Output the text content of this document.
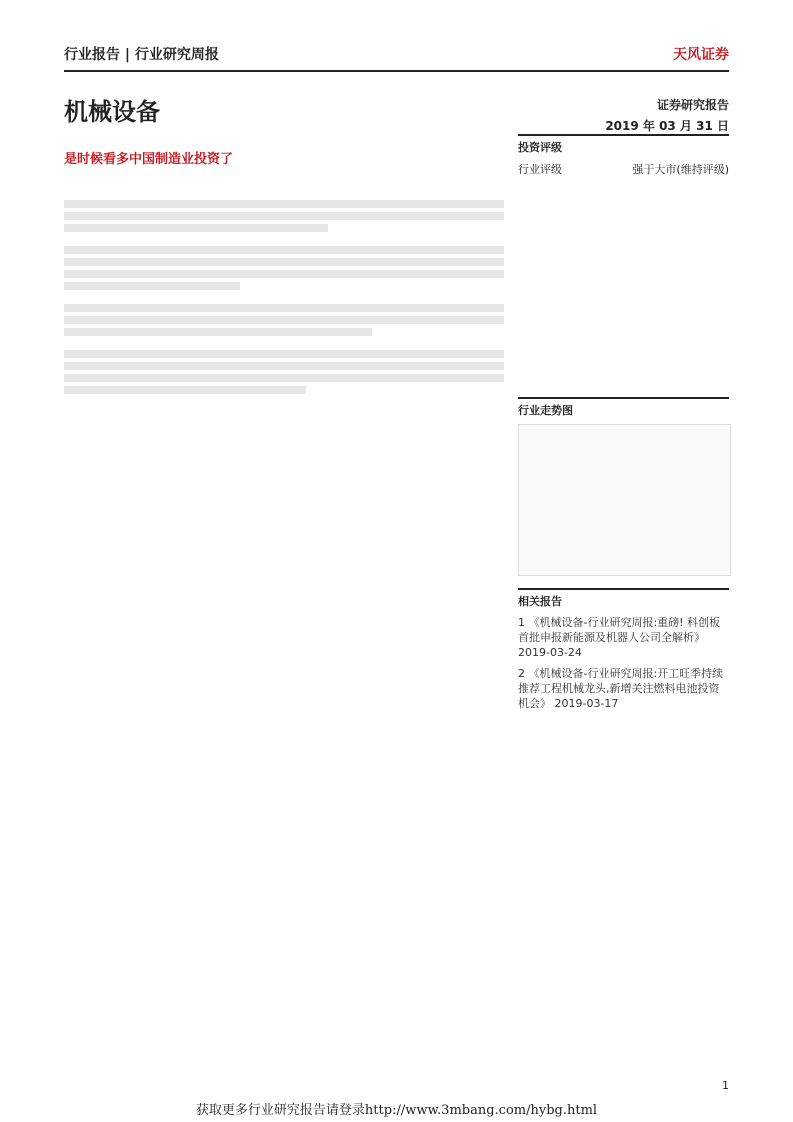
行业报告 | 行业研究周报	天风证券
机械设备	证券研究报告
2019 年 03 月 31 日
是时候看多中国制造业投资了

投资评级
行业评级	强于大市(维持评级)
行业走势图
相关报告
1 《机械设备-行业研究周报:重磅! 科创板首批申报新能源及机器人公司全解析》 2019-03-24
2 《机械设备-行业研究周报:开工旺季持续推荐工程机械龙头,新增关注燃料电池投资机会》 2019-03-17
1
获取更多行业研究报告请登录http://www.3mbang.com/hybg.html
